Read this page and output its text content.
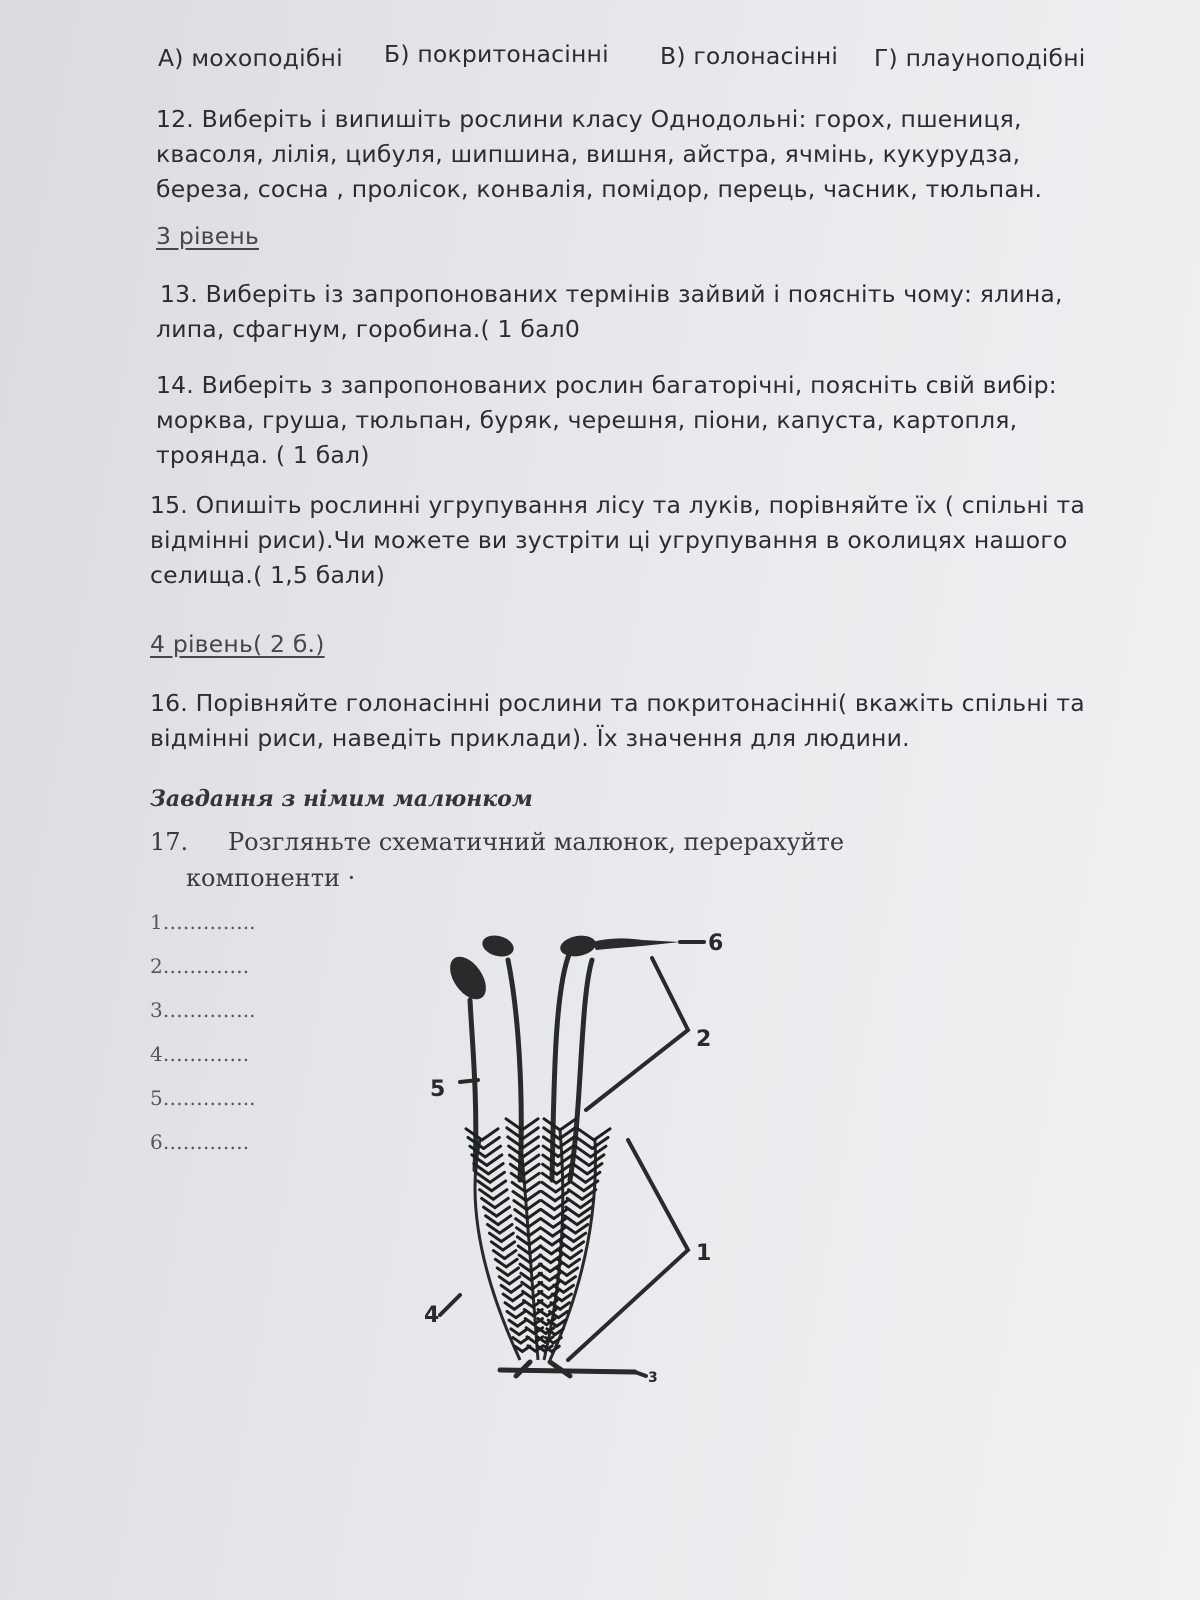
А) мохоподібні Б) покритонасінні В) голонасінні Г) плауноподібні
12. Виберіть і випишіть рослини класу Однодольні: горох, пшениця,
квасоля, лілія, цибуля, шипшина, вишня, айстра, ячмінь, кукурудза,
береза, сосна , пролісок, конвалія, помідор, перець, часник, тюльпан.
3 рівень
13. Виберіть із запропонованих термінів зайвий і поясніть чому: ялина,
липа, сфагнум, горобина.( 1 бал0
14. Виберіть з запропонованих рослин багаторічні, поясніть свій вибір:
морква, груша, тюльпан, буряк, черешня, піони, капуста, картопля,
троянда. ( 1 бал)
15. Опишіть рослинні угрупування лісу та луків, порівняйте їх ( спільні та
відмінні риси).Чи можете ви зустріти ці угрупування в околицях нашого
селища.( 1,5 бали)
4 рівень( 2 б.)
16. Порівняйте голонасінні рослини та покритонасінні( вкажіть спільні та
відмінні риси, наведіть приклади). Їх значення для людини.
Завдання з німим малюнком
17. Розгляньте схематичний малюнок, перерахуйте
компоненти ·
1…………..
2………….
3…………..
4………….
5…………..
6………….
1
2
3
4
5
6
